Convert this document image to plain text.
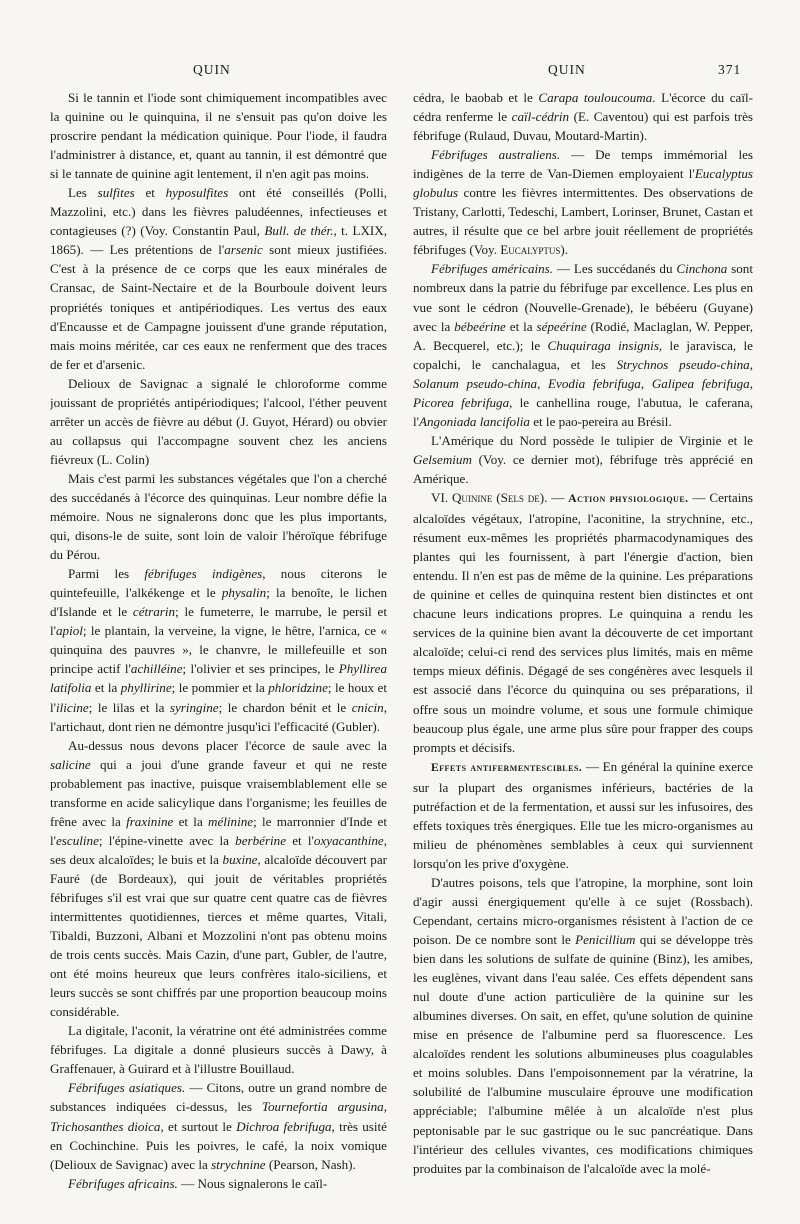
QUIN	QUIN	371

Si le tannin et l'iode sont chimiquement incompatibles avec la quinine ou le quinquina, il ne s'ensuit pas qu'on doive les proscrire pendant la médication quinique. Pour l'iode, il faudra l'administrer à distance, et, quant au tannin, il est démontré que si le tannate de quinine agit lentement, il n'en agit pas moins.

Les sulfites et hyposulfites ont été conseillés (Polli, Mazzolini, etc.) dans les fièvres paludéennes, infectieuses et contagieuses (?) (Voy. Constantin Paul, Bull. de thér., t. LXIX, 1865). — Les prétentions de l'arsenic sont mieux justifiées. C'est à la présence de ce corps que les eaux minérales de Cransac, de Saint-Nectaire et de la Bourboule doivent leurs propriétés toniques et antipériodiques. Les vertus des eaux d'Encausse et de Campagne jouissent d'une grande réputation, mais moins méritée, car ces eaux ne renferment que des traces de fer et d'arsenic.

Delioux de Savignac a signalé le chloroforme comme jouissant de propriétés antipériodiques; l'alcool, l'éther peuvent arrêter un accès de fièvre au début (J. Guyot, Hérard) ou obvier au collapsus qui l'accompagne souvent chez les anciens fiévreux (L. Colin)

Mais c'est parmi les substances végétales que l'on a cherché des succédanés à l'écorce des quinquinas. Leur nombre défie la mémoire. Nous ne signalerons donc que les plus importants, qui, disons-le de suite, sont loin de valoir l'héroïque fébrifuge du Pérou.

Parmi les fébrifuges indigènes, nous citerons le quintefeuille, l'alkékenge et le physalin; la benoîte, le lichen d'Islande et le cétrarin; le fumeterre, le marrube, le persil et l'apiol; le plantain, la verveine, la vigne, le hêtre, l'arnica, ce « quinquina des pauvres », le chanvre, le millefeuille et son principe actif l'achilléine; l'olivier et ses principes, le Phyllirea latifolia et la phyllirine; le pommier et la phloridzine; le houx et l'ilicine; le lilas et la syringine; le chardon bénit et le cnicin, l'artichaut, dont rien ne démontre jusqu'ici l'efficacité (Gubler).

Au-dessus nous devons placer l'écorce de saule avec la salicine qui a joui d'une grande faveur et qui ne reste probablement pas inactive, puisque vraisemblablement elle se transforme en acide salicylique dans l'organisme; les feuilles de frêne avec la fraxinine et la mélinine; le marronnier d'Inde et l'esculine; l'épine-vinette avec la berbérine et l'oxyacanthine, ses deux alcaloïdes; le buis et la buxine, alcaloïde découvert par Fauré (de Bordeaux), qui jouit de véritables propriétés fébrifuges s'il est vrai que sur quatre cent quatre cas de fièvres intermittentes quotidiennes, tierces et même quartes, Vitali, Tibaldi, Buzzoni, Albani et Mozzolini n'ont pas obtenu moins de trois cents succès. Mais Cazin, d'une part, Gubler, de l'autre, ont été moins heureux que leurs confrères italo-siciliens, et leurs succès se sont chiffrés par une proportion beaucoup moins considérable.

La digitale, l'aconit, la vératrine ont été administrées comme fébrifuges. La digitale a donné plusieurs succès à Dawy, à Graffenauer, à Guirard et à l'illustre Bouillaud.

Fébrifuges asiatiques. — Citons, outre un grand nombre de substances indiquées ci-dessus, les Tournefortia argusina, Trichosanthes dioica, et surtout le Dichroa febrifuga, très usité en Cochinchine. Puis les poivres, le café, la noix vomique (Delioux de Savignac) avec la strychnine (Pearson, Nash).

Fébrifuges africains. — Nous signalerons le caïl-

cédra, le baobab et le Carapa touloucouma. L'écorce du caïl-cédra renferme le caïl-cédrin (E. Caventou) qui est parfois très fébrifuge (Rulaud, Duvau, Moutard-Martin).

Fébrifuges australiens. — De temps immémorial les indigènes de la terre de Van-Diemen employaient l'Eucalyptus globulus contre les fièvres intermittentes. Des observations de Tristany, Carlotti, Tedeschi, Lambert, Lorinser, Brunet, Castan et autres, il résulte que ce bel arbre jouit réellement de propriétés fébrifuges (Voy. Eucalyptus).

Fébrifuges américains. — Les succédanés du Cinchona sont nombreux dans la patrie du fébrifuge par excellence. Les plus en vue sont le cédron (Nouvelle-Grenade), le bébéeru (Guyane) avec la bébeérine et la sépeérine (Rodié, Maclaglan, W. Pepper, A. Becquerel, etc.); le Chuquiraga insignis, le jaravisca, le copalchi, le canchalagua, et les Strychnos pseudo-china, Solanum pseudo-china, Evodia febrifuga, Galipea febrifuga, Picorea febrifuga, le canhellina rouge, l'abutua, le caferana, l'Angoniada lancifolia et le pao-pereira au Brésil.

L'Amérique du Nord possède le tulipier de Virginie et le Gelsemium (Voy. ce dernier mot), fébrifuge très apprécié en Amérique.

VI. Quinine (Sels de). — Action physiologique. — Certains alcaloïdes végétaux, l'atropine, l'aconitine, la strychnine, etc., résument eux-mêmes les propriétés pharmacodynamiques des plantes qui les fournissent, à part l'énergie d'action, bien entendu. Il n'en est pas de même de la quinine. Les préparations de quinine et celles de quinquina restent bien distinctes et ont chacune leurs indications propres. Le quinquina a rendu les services de la quinine bien avant la découverte de cet important alcaloïde; celui-ci rend des services plus limités, mais en même temps mieux définis. Dégagé de ses congénères avec lesquels il est associé dans l'écorce du quinquina ou ses préparations, il offre sous un moindre volume, et sous une formule chimique beaucoup plus égale, une arme plus sûre pour frapper des coups prompts et décisifs.

Effets antifermentescibles. — En général la quinine exerce sur la plupart des organismes inférieurs, bactéries de la putréfaction et de la fermentation, et aussi sur les infusoires, des effets toxiques très énergiques. Elle tue les micro-organismes au milieu de phénomènes semblables à ceux qui surviennent lorsqu'on les prive d'oxygène.

D'autres poisons, tels que l'atropine, la morphine, sont loin d'agir aussi énergiquement qu'elle à ce sujet (Rossbach). Cependant, certains micro-organismes résistent à l'action de ce poison. De ce nombre sont le Penicillium qui se développe très bien dans les solutions de sulfate de quinine (Binz), les amibes, les euglènes, vivant dans l'eau salée. Ces effets dépendent sans nul doute d'une action particulière de la quinine sur les albumines diverses. On sait, en effet, qu'une solution de quinine mise en présence de l'albumine perd sa fluorescence. Les alcaloïdes rendent les solutions albumineuses plus coagulables et moins solubles. Dans l'empoisonnement par la vératrine, la solubilité de l'albumine musculaire éprouve une modification appréciable; l'albumine mêlée à un alcaloïde n'est plus peptonisable par le suc gastrique ou le suc pancréatique. Dans l'intérieur des cellules vivantes, ces modifications chimiques produites par la combinaison de l'alcaloïde avec la molé-
